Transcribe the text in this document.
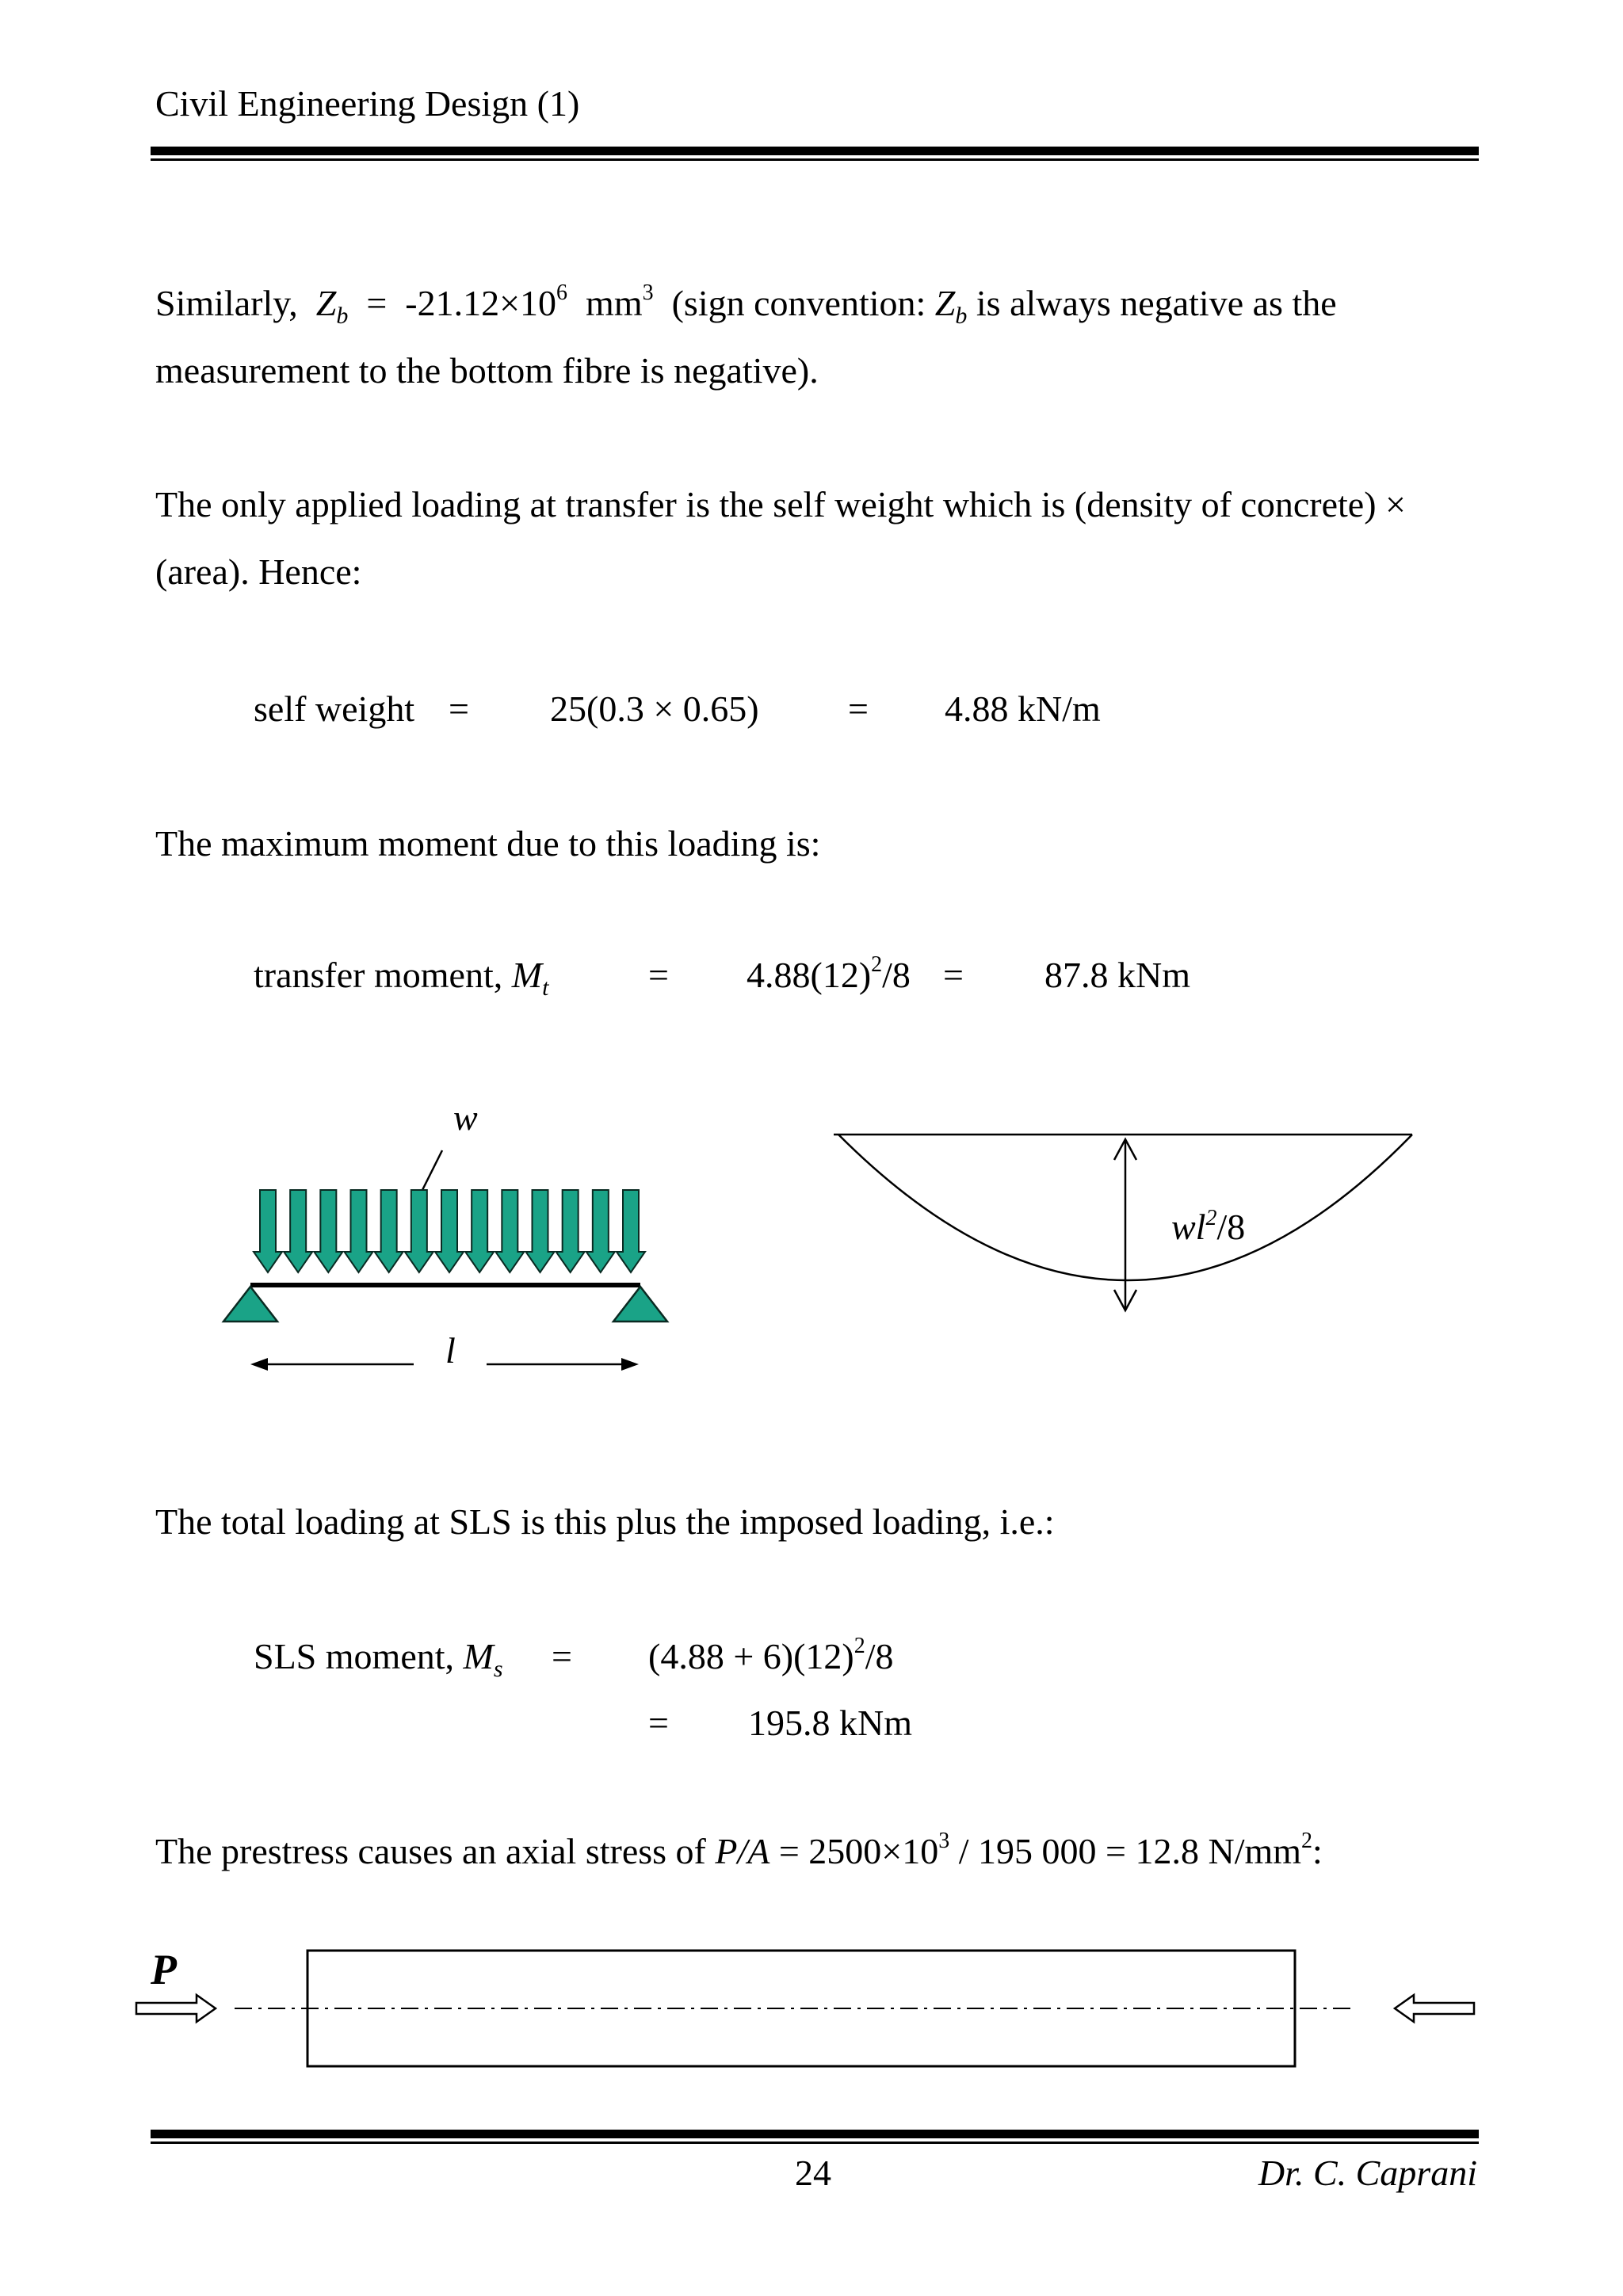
Civil Engineering Design (1)
Similarly, $Z_b = -21.12\times 10^6$ $mm^3$ (sign convention: $Z_b$ is always negative as the
measurement to the bottom fibre is negative).
The only applied loading at transfer is the self weight which is (density of concrete) ×
(area). Hence:
self weight = 25(0.3 × 0.65) = 4.88 kN/m
The maximum moment due to this loading is:
transfer moment, $M_t$	= $4.88(12)^2/8 = 87.8$ kNm
w
l
$wl^2/8$
The total loading at SLS is this plus the imposed loading, i.e.:
SLS moment, $M_s = (4.88 + 6)(12)^2/8$
= 195.8 kNm
The prestress causes an axial stress of $P/A = 2500\times 10^3 / 195$ 000 = 12.8 $N/mm^2$:
P
24	Dr. C. Caprani
